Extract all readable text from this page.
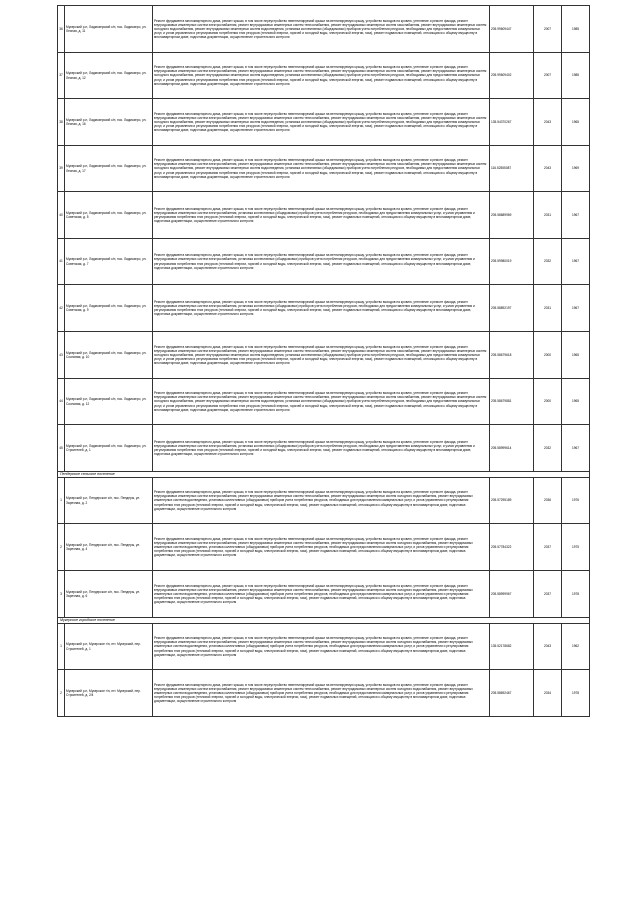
36	Мукерский р-н, Ладмозерский с/п, пос. Ладмозеро, ул. Лесная, д. 11	Ремонт фундамента многоквартирного дома, ремонт крыши, в том числе переустройство невентилируемой крыши на вентилируемую крышу, устройство выходов на кровлю, утепление и ремонт фасада, ремонт внутридомовых инженерных систем электроснабжения, ремонт внутридомовых инженерных систем теплоснабжения, ремонт внутридомовых инженерных систем газоснабжения, ремонт внутридомовых инженерных систем холодного водоснабжения, ремонт внутридомовых инженерных систем водоотведения, установка коллективных (общедомовых) приборов учета потребления ресурсов, необходимых для предоставления коммунальных услуг, и узлов управления и регулирования потребления этих ресурсов (тепловой энергии, горячей и холодной воды, электрической энергии, газа), ремонт подвальных помещений, относящихся к общему имуществу в многоквартирном доме, подготовка документации, осуществление строительного контроля	205.99609447	2007	1985
37	Мукерский р-н, Ладмозерский с/п, пос. Ладмозеро, ул. Лесная, д. 12	Ремонт фундамента многоквартирного дома, ремонт крыши, в том числе переустройство невентилируемой крыши на вентилируемую крышу, устройство выходов на кровлю, утепление и ремонт фасада, ремонт внутридомовых инженерных систем электроснабжения, ремонт внутридомовых инженерных систем теплоснабжения, ремонт внутридомовых инженерных систем газоснабжения, ремонт внутридомовых инженерных систем холодного водоснабжения, ремонт внутридомовых инженерных систем водоотведения, установка коллективных (общедомовых) приборов учета потребления ресурсов, необходимых для предоставления коммунальных услуг, и узлов управления и регулирования потребления этих ресурсов (тепловой энергии, горячей и холодной воды, электрической энергии, газа), ремонт подвальных помещений, относящихся к общему имуществу в многоквартирном доме, подготовка документации, осуществление строительного контроля	205.99609402	2007	1985
38	Мукерский р-н, Ладмозерский с/п, пос. Ладмозеро, ул. Лесная, д. 16	Ремонт фундамента многоквартирного дома, ремонт крыши, в том числе переустройство невентилируемой крыши на вентилируемую крышу, устройство выходов на кровлю, утепление и ремонт фасада, ремонт внутридомовых инженерных систем электроснабжения, ремонт внутридомовых инженерных систем теплоснабжения, ремонт внутридомовых инженерных систем газоснабжения, ремонт внутридомовых инженерных систем холодного водоснабжения, ремонт внутридомовых инженерных систем водоотведения, установка коллективных (общедомовых) приборов учета потребления ресурсов, необходимых для предоставления коммунальных услуг, и узлов управления и регулирования потребления этих ресурсов (тепловой энергии, горячей и холодной воды, электрической энергии, газа), ремонт подвальных помещений, относящихся к общему имуществу в многоквартирном доме, подготовка документации, осуществление строительного контроля	135.54370267	2043	1965
39	Мукерский р-н, Ладмозерский с/п, пос. Ладмозеро, ул. Лесная, д. 17	Ремонт фундамента многоквартирного дома, ремонт крыши, в том числе переустройство невентилируемой крыши на вентилируемую крышу, устройство выходов на кровлю, утепление и ремонт фасада, ремонт внутридомовых инженерных систем электроснабжения, ремонт внутридомовых инженерных систем теплоснабжения, ремонт внутридомовых инженерных систем газоснабжения, ремонт внутридомовых инженерных систем холодного водоснабжения, ремонт внутридомовых инженерных систем водоотведения, установка коллективных (общедомовых) приборов учета потребления ресурсов, необходимых для предоставления коммунальных услуг, и узлов управления и регулирования потребления этих ресурсов (тепловой энергии, горячей и холодной воды, электрической энергии, газа), ремонт подвальных помещений, относящихся к общему имуществу в многоквартирном доме, подготовка документации, осуществление строительного контроля	116.52555087	2043	1969
40	Мукерский р-н, Ладмозерский с/п, пос. Ладмозеро, ул. Советская, д. 5	Ремонт фундамента многоквартирного дома, ремонт крыши, в том числе переустройство невентилируемой крыши на вентилируемую крышу, устройство выходов на кровлю, утепление и ремонт фасада, ремонт внутридомовых инженерных систем электроснабжения, установка коллективных (общедомовых) приборов учета потребления ресурсов, необходимых для предоставления коммунальных услуг, и узлов управления и регулирования потребления этих ресурсов (тепловой энергии, горячей и холодной воды, электрической энергии, газа), ремонт подвальных помещений, относящихся к общему имуществу в многоквартирном доме, подготовка документации, осуществление строительного контроля	205.58689969	2031	1967
41	Мукерский р-н, Ладмозерский с/п, пос. Ладмозеро, ул. Советская, д. 7	Ремонт фундамента многоквартирного дома, ремонт крыши, в том числе переустройство невентилируемой крыши на вентилируемую крышу, устройство выходов на кровлю, утепление и ремонт фасада, ремонт внутридомовых инженерных систем электроснабжения, установка коллективных (общедомовых) приборов учета потребления ресурсов, необходимых для предоставления коммунальных услуг, и узлов управления и регулирования потребления этих ресурсов (тепловой энергии, горячей и холодной воды, электрической энергии, газа), ремонт подвальных помещений, относящихся к общему имуществу в многоквартирном доме, подготовка документации, осуществление строительного контроля	205.59980019	2032	1967
42	Мукерский р-н, Ладмозерский с/п, пос. Ладмозеро, ул. Советская, д. 9	Ремонт фундамента многоквартирного дома, ремонт крыши, в том числе переустройство невентилируемой крыши на вентилируемую крышу, устройство выходов на кровлю, утепление и ремонт фасада, ремонт внутридомовых инженерных систем электроснабжения, установка коллективных (общедомовых) приборов учета потребления ресурсов, необходимых для предоставления коммунальных услуг, и узлов управления и регулирования потребления этих ресурсов (тепловой энергии, горячей и холодной воды, электрической энергии, газа), ремонт подвальных помещений, относящихся к общему имуществу в многоквартирном доме, подготовка документации, осуществление строительного контроля	205.58892197	2031	1967
43	Мукерский р-н, Ладмозерский с/п, пос. Ладмозеро, ул. Сосновая, д. 10	Ремонт фундамента многоквартирного дома, ремонт крыши, в том числе переустройство невентилируемой крыши на вентилируемую крышу, устройство выходов на кровлю, утепление и ремонт фасада, ремонт внутридомовых инженерных систем электроснабжения, ремонт внутридомовых инженерных систем теплоснабжения, ремонт внутридомовых инженерных систем газоснабжения, ремонт внутридомовых инженерных систем холодного водоснабжения, ремонт внутридомовых инженерных систем водоотведения, установка коллективных (общедомовых) приборов учета потребления ресурсов, необходимых для предоставления коммунальных услуг, и узлов управления и регулирования потребления этих ресурсов (тепловой энергии, горячей и холодной воды, электрической энергии, газа), ремонт подвальных помещений, относящихся к общему имуществу в многоквартирном доме, подготовка документации, осуществление строительного контроля	205.58679618	2000	1965
44	Мукерский р-н, Ладмозерский с/п, пос. Ладмозеро, ул. Сосновая, д. 12	Ремонт фундамента многоквартирного дома, ремонт крыши, в том числе переустройство невентилируемой крыши на вентилируемую крышу, устройство выходов на кровлю, утепление и ремонт фасада, ремонт внутридомовых инженерных систем электроснабжения, ремонт внутридомовых инженерных систем теплоснабжения, ремонт внутридомовых инженерных систем газоснабжения, ремонт внутридомовых инженерных систем холодного водоснабжения, ремонт внутридомовых инженерных систем водоотведения, установка коллективных (общедомовых) приборов учета потребления ресурсов, необходимых для предоставления коммунальных услуг, и узлов управления и регулирования потребления этих ресурсов (тепловой энергии, горячей и холодной воды, электрической энергии, газа), ремонт подвальных помещений, относящихся к общему имуществу в многоквартирном доме, подготовка документации, осуществление строительного контроля	205.58679881	2000	1965
45	Мукерский р-н, Ладмозерский с/п, пос. Ладмозеро, ул. Строителей, д. 1	Ремонт фундамента многоквартирного дома, ремонт крыши, в том числе переустройство невентилируемой крыши на вентилируемую крышу, устройство выходов на кровлю, утепление и ремонт фасада, ремонт внутридомовых инженерных систем электроснабжения, установка коллективных (общедомовых) приборов учета потребления ресурсов, необходимых для предоставления коммунальных услуг, и узлов управления и регулирования потребления этих ресурсов (тепловой энергии, горячей и холодной воды, электрической энергии, газа), ремонт подвальных помещений, относящихся к общему имуществу в многоквартирном доме, подготовка документации, осуществление строительного контроля	205.58999614	2032	1967
Пендерское сельское поселение					
1	Мукерский р-н, Пендерское с/п, пос. Пендеры, ул. Заречная, д. 2	Ремонт фундамента многоквартирного дома, ремонт крыши, в том числе переустройство невентилируемой крыши на вентилируемую крышу, устройство выходов на кровлю, утепление и ремонт фасада, ремонт внутридомовых инженерных систем электроснабжения, ремонт внутридомовых инженерных систем теплоснабжения, ремонт внутридомовых инженерных систем холодного водоснабжения, ремонт внутридомовых инженерных систем водоотведения, установка коллективных (общедомовых) приборов учета потребления ресурсов, необходимых для предоставления коммунальных услуг, и узлов управления и регулирования потребления этих ресурсов (тепловой энергии, горячей и холодной воды, электрической энергии, газа), ремонт подвальных помещений, относящихся к общему имуществу в многоквартирном доме, подготовка документации, осуществление строительного контроля	205.57295189	2036	1976
2	Мукерский р-н, Пендерское с/п, пос. Пендеры, ул. Заречная, д. 4	Ремонт фундамента многоквартирного дома, ремонт крыши, в том числе переустройство невентилируемой крыши на вентилируемую крышу, устройство выходов на кровлю, утепление и ремонт фасада, ремонт внутридомовых инженерных систем электроснабжения, ремонт внутридомовых инженерных систем теплоснабжения, ремонт внутридомовых инженерных систем холодного водоснабжения, ремонт внутридомовых инженерных систем водоотведения, установка коллективных (общедомовых) приборов учета потребления ресурсов, необходимых для предоставления коммунальных услуг, и узлов управления и регулирования потребления этих ресурсов (тепловой энергии, горячей и холодной воды, электрической энергии, газа), ремонт подвальных помещений, относящихся к общему имуществу в многоквартирном доме, подготовка документации, осуществление строительного контроля	205.57784322	2037	1975
3	Мукерский р-н, Пендерское с/п, пос. Пендеры, ул. Заречная, д. 6	Ремонт фундамента многоквартирного дома, ремонт крыши, в том числе переустройство невентилируемой крыши на вентилируемую крышу, устройство выходов на кровлю, утепление и ремонт фасада, ремонт внутридомовых инженерных систем электроснабжения, ремонт внутридомовых инженерных систем теплоснабжения, ремонт внутридомовых инженерных систем холодного водоснабжения, ремонт внутридомовых инженерных систем водоотведения, установка коллективных (общедомовых) приборов учета потребления ресурсов, необходимых для предоставления коммунальных услуг, и узлов управления и регулирования потребления этих ресурсов (тепловой энергии, горячей и холодной воды, электрической энергии, газа), ремонт подвальных помещений, относящихся к общему имуществу в многоквартирном доме, подготовка документации, осуществление строительного контроля	205.58999967	2037	1978
Мукерское городское поселение					
1	Мукерский р-н, Мукерское г/п, пгт. Мукерский, пер. Строителей, д. 1	Ремонт фундамента многоквартирного дома, ремонт крыши, в том числе переустройство невентилируемой крыши на вентилируемую крышу, устройство выходов на кровлю, утепление и ремонт фасада, ремонт внутридомовых инженерных систем электроснабжения, ремонт внутридомовых инженерных систем теплоснабжения, ремонт внутридомовых инженерных систем холодного водоснабжения, ремонт внутридомовых инженерных систем водоотведения, установка коллективных (общедомовых) приборов учета потребления ресурсов, необходимых для предоставления коммунальных услуг, и узлов управления и регулирования потребления этих ресурсов (тепловой энергии, горячей и холодной воды, электрической энергии, газа), ремонт подвальных помещений, относящихся к общему имуществу в многоквартирном доме, подготовка документации, осуществление строительного контроля	135.52178682	2043	1962
2	Мукерский р-н, Мукерское г/п, пгт. Мукерский, пер. Строителей, д. 2/4	Ремонт фундамента многоквартирного дома, ремонт крыши, в том числе переустройство невентилируемой крыши на вентилируемую крышу, устройство выходов на кровлю, утепление и ремонт фасада, ремонт внутридомовых инженерных систем электроснабжения, ремонт внутридомовых инженерных систем теплоснабжения, ремонт внутридомовых инженерных систем холодного водоснабжения, ремонт внутридомовых инженерных систем водоотведения, установка коллективных (общедомовых) приборов учета потребления ресурсов, необходимых для предоставления коммунальных услуг, и узлов управления и регулирования потребления этих ресурсов (тепловой энергии, горячей и холодной воды, электрической энергии, газа), ремонт подвальных помещений, относящихся к общему имуществу в многоквартирном доме, подготовка документации, осуществление строительного контроля	205.58692467	2034	1978
